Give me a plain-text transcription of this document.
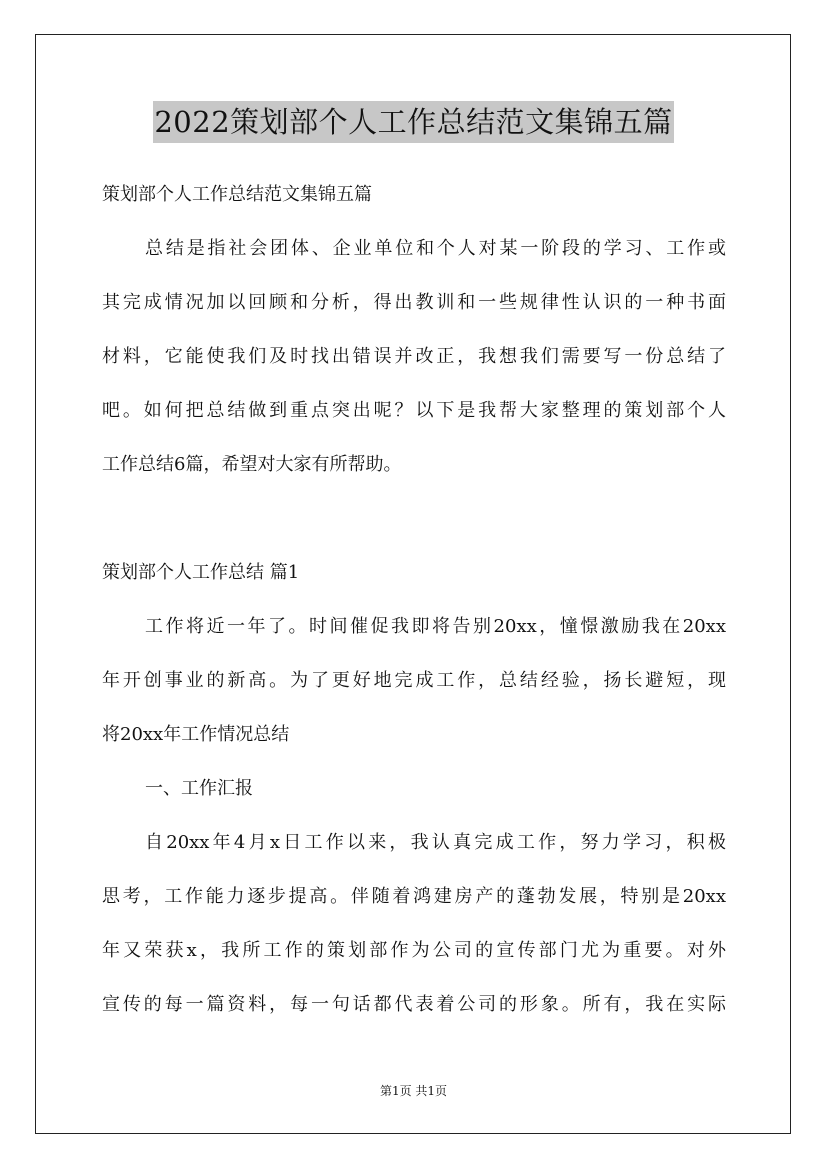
2022策划部个人工作总结范文集锦五篇
策划部个人工作总结范文集锦五篇
总结是指社会团体、企业单位和个人对某一阶段的学习、工作或
其完成情况加以回顾和分析，得出教训和一些规律性认识的一种书面
材料，它能使我们及时找出错误并改正，我想我们需要写一份总结了
吧。如何把总结做到重点突出呢？以下是我帮大家整理的策划部个人
工作总结6篇，希望对大家有所帮助。
策划部个人工作总结 篇1
工作将近一年了。时间催促我即将告别20xx，憧憬激励我在20xx
年开创事业的新高。为了更好地完成工作，总结经验，扬长避短，现
将20xx年工作情况总结
一、工作汇报
自20xx年4月x日工作以来，我认真完成工作，努力学习，积极
思考，工作能力逐步提高。伴随着鸿建房产的蓬勃发展，特别是20xx
年又荣获x，我所工作的策划部作为公司的宣传部门尤为重要。对外
宣传的每一篇资料，每一句话都代表着公司的形象。所有，我在实际
第1页 共1页
